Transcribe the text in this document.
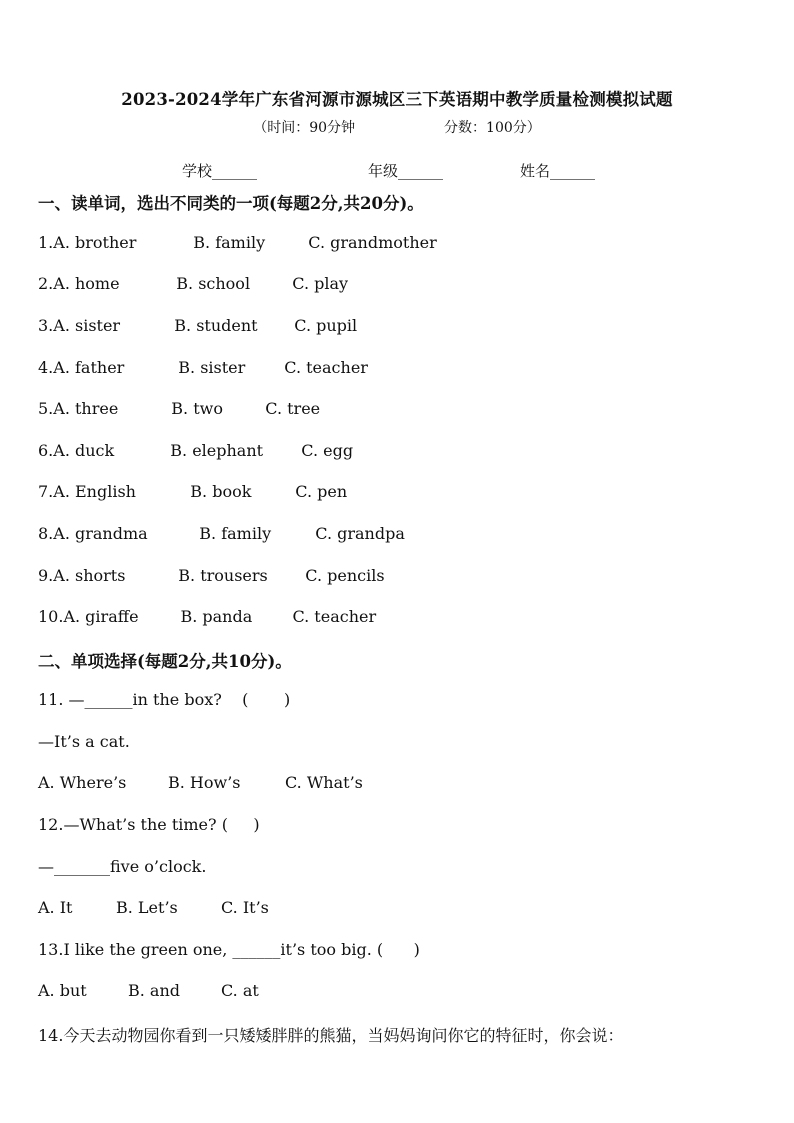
2023-2024学年广东省河源市源城区三下英语期中教学质量检测模拟试题
（时间：90分钟                    分数：100分）
学校______	年级______	姓名______
一、读单词，选出不同类的一项(每题2分,共20分)。
1.A. brother	B. family	C. grandmother
2.A. home	B. school	C. play
3.A. sister	B. student C. pupil
4.A. father	B. sister C. teacher
5.A. three	B. two	C. tree
6.A. duck	B. elephant C. egg
7.A. English	B. book	C. pen
8.A. grandma	B. family	C. grandpa
9.A. shorts	B. trousers C. pencils
10.A. giraffe	B. panda	C. teacher
二、单项选择(每题2分,共10分)。
11. —______in the box?    (       )
—It’s a cat.
A. Where’s	B. How’s	C. What’s
12.—What’s the time? (     )
—_______five o’clock.
A. It	B. Let’s	C. It’s
13.I like the green one, ______it’s too big. (      )
A. but	B. and	C. at
14.今天去动物园你看到一只矮矮胖胖的熊猫，当妈妈询问你它的特征时，你会说：
